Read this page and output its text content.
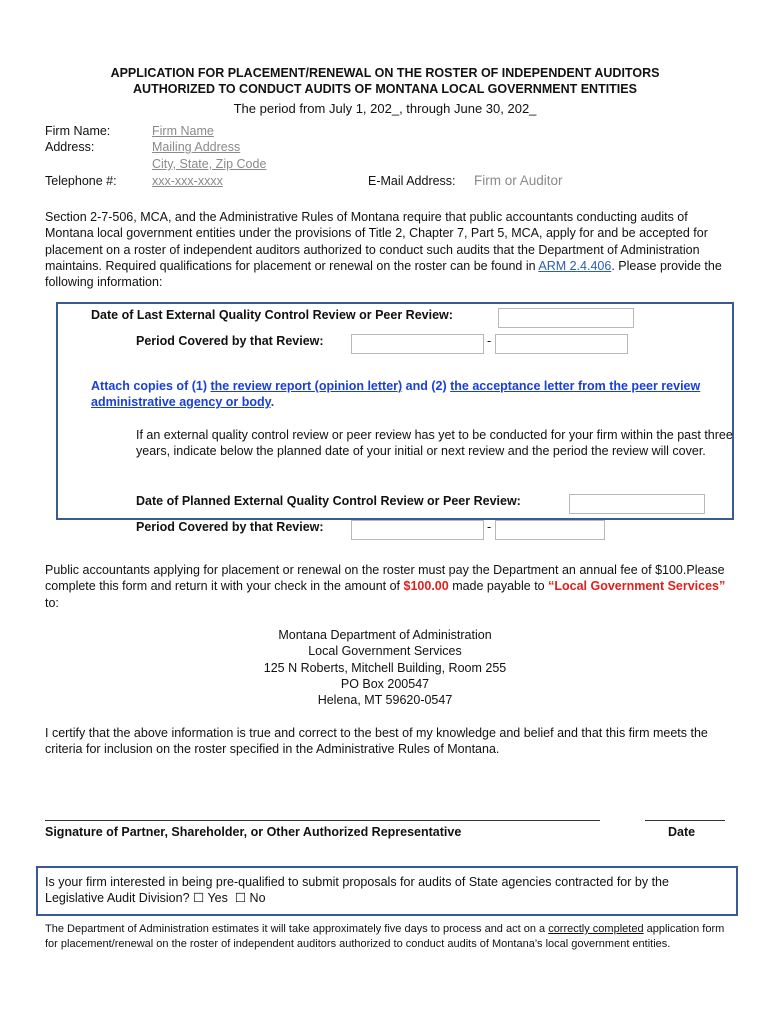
APPLICATION FOR PLACEMENT/RENEWAL ON THE ROSTER OF INDEPENDENT AUDITORS
AUTHORIZED TO CONDUCT AUDITS OF MONTANA LOCAL GOVERNMENT ENTITIES
The period from July 1, 202_, through June 30, 202_
Firm Name:	Firm Name
Address:	Mailing Address
City, State, Zip Code
Telephone #:	xxx-xxx-xxxx	E-Mail Address: Firm or Auditor
Section 2-7-506, MCA, and the Administrative Rules of Montana require that public accountants conducting audits of Montana local government entities under the provisions of Title 2, Chapter 7, Part 5, MCA, apply for and be accepted for placement on a roster of independent auditors authorized to conduct such audits that the Department of Administration maintains. Required qualifications for placement or renewal on the roster can be found in ARM 2.4.406. Please provide the following information:
Date of Last External Quality Control Review or Peer Review:
Period Covered by that Review:	-
Attach copies of (1) the review report (opinion letter) and (2) the acceptance letter from the peer review administrative agency or body.
If an external quality control review or peer review has yet to be conducted for your firm within the past three years, indicate below the planned date of your initial or next review and the period the review will cover.
Date of Planned External Quality Control Review or Peer Review:
Period Covered by that Review:	-
Public accountants applying for placement or renewal on the roster must pay the Department an annual fee of $100.Please complete this form and return it with your check in the amount of $100.00 made payable to “Local Government Services” to:
Montana Department of Administration
Local Government Services
125 N Roberts, Mitchell Building, Room 255
PO Box 200547
Helena, MT 59620-0547
I certify that the above information is true and correct to the best of my knowledge and belief and that this firm meets the criteria for inclusion on the roster specified in the Administrative Rules of Montana.
Signature of Partner, Shareholder, or Other Authorized Representative	Date
Is your firm interested in being pre-qualified to submit proposals for audits of State agencies contracted for by the Legislative Audit Division? ☐ Yes ☐ No
The Department of Administration estimates it will take approximately five days to process and act on a correctly completed application form for placement/renewal on the roster of independent auditors authorized to conduct audits of Montana’s local government entities.
